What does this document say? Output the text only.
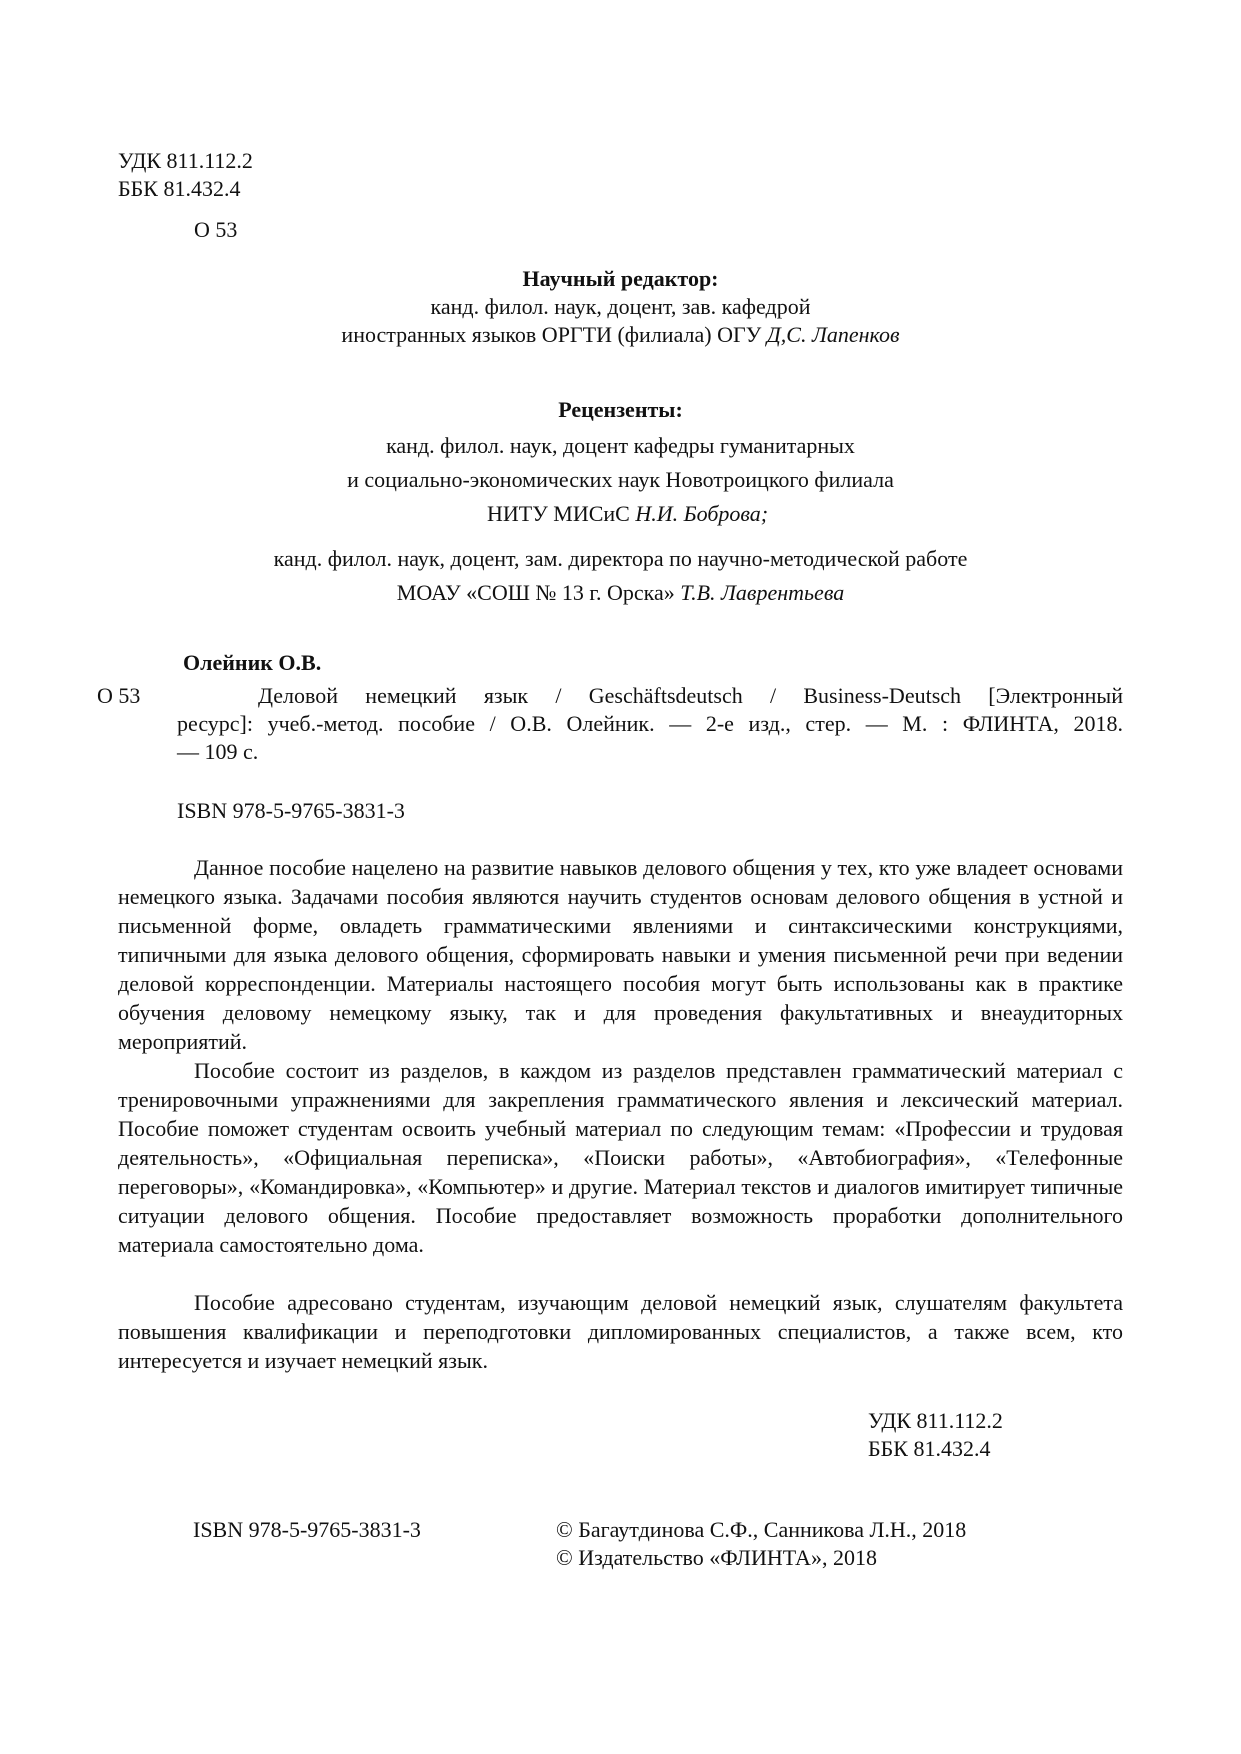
УДК 811.112.2
ББК 81.432.4
О 53
Научный редактор:
канд. филол. наук, доцент, зав. кафедрой
иностранных языков ОРГТИ (филиала) ОГУ Д,С. Лапенков
Рецензенты:
канд. филол. наук, доцент кафедры гуманитарных
и социально-экономических наук Новотроицкого филиала
НИТУ МИСиС Н.И. Боброва;
канд. филол. наук, доцент, зам. директора по научно-методической работе
МОАУ «СОШ № 13 г. Орска» Т.В. Лаврентьева
Олейник О.В.
О 53	Деловой немецкий язык / Geschäftsdeutsch / Business-Deutsch [Электронный
ресурс]: учеб.-метод. пособие / О.В. Олейник. — 2-е изд., стер. — М. : ФЛИНТА, 2018.
— 109 с.
ISBN 978-5-9765-3831-3
Данное пособие нацелено на развитие навыков делового общения у тех, кто уже владеет основами немецкого языка. Задачами пособия являются научить студентов основам делового общения в устной и письменной форме, овладеть грамматическими явлениями и синтаксическими конструкциями, типичными для языка делового общения, сформировать навыки и умения письменной речи при ведении деловой корреспонденции. Материалы настоящего пособия могут быть использованы как в практике обучения деловому немецкому языку, так и для проведения факультативных и внеаудиторных мероприятий.
Пособие состоит из разделов, в каждом из разделов представлен грамматический материал с тренировочными упражнениями для закрепления грамматического явления и лексический материал. Пособие поможет студентам освоить учебный материал по следующим темам: «Профессии и трудовая деятельность», «Официальная переписка», «Поиски работы», «Автобиография», «Телефонные переговоры», «Командировка», «Компьютер» и другие. Материал текстов и диалогов имитирует типичные ситуации делового общения. Пособие предоставляет возможность проработки дополнительного материала самостоятельно дома.
Пособие адресовано студентам, изучающим деловой немецкий язык, слушателям факультета повышения квалификации и переподготовки дипломированных специалистов, а также всем, кто интересуется и изучает немецкий язык.
УДК 811.112.2
ББК 81.432.4
ISBN 978-5-9765-3831-3	© Багаутдинова С.Ф., Санникова Л.Н., 2018
© Издательство «ФЛИНТА», 2018
